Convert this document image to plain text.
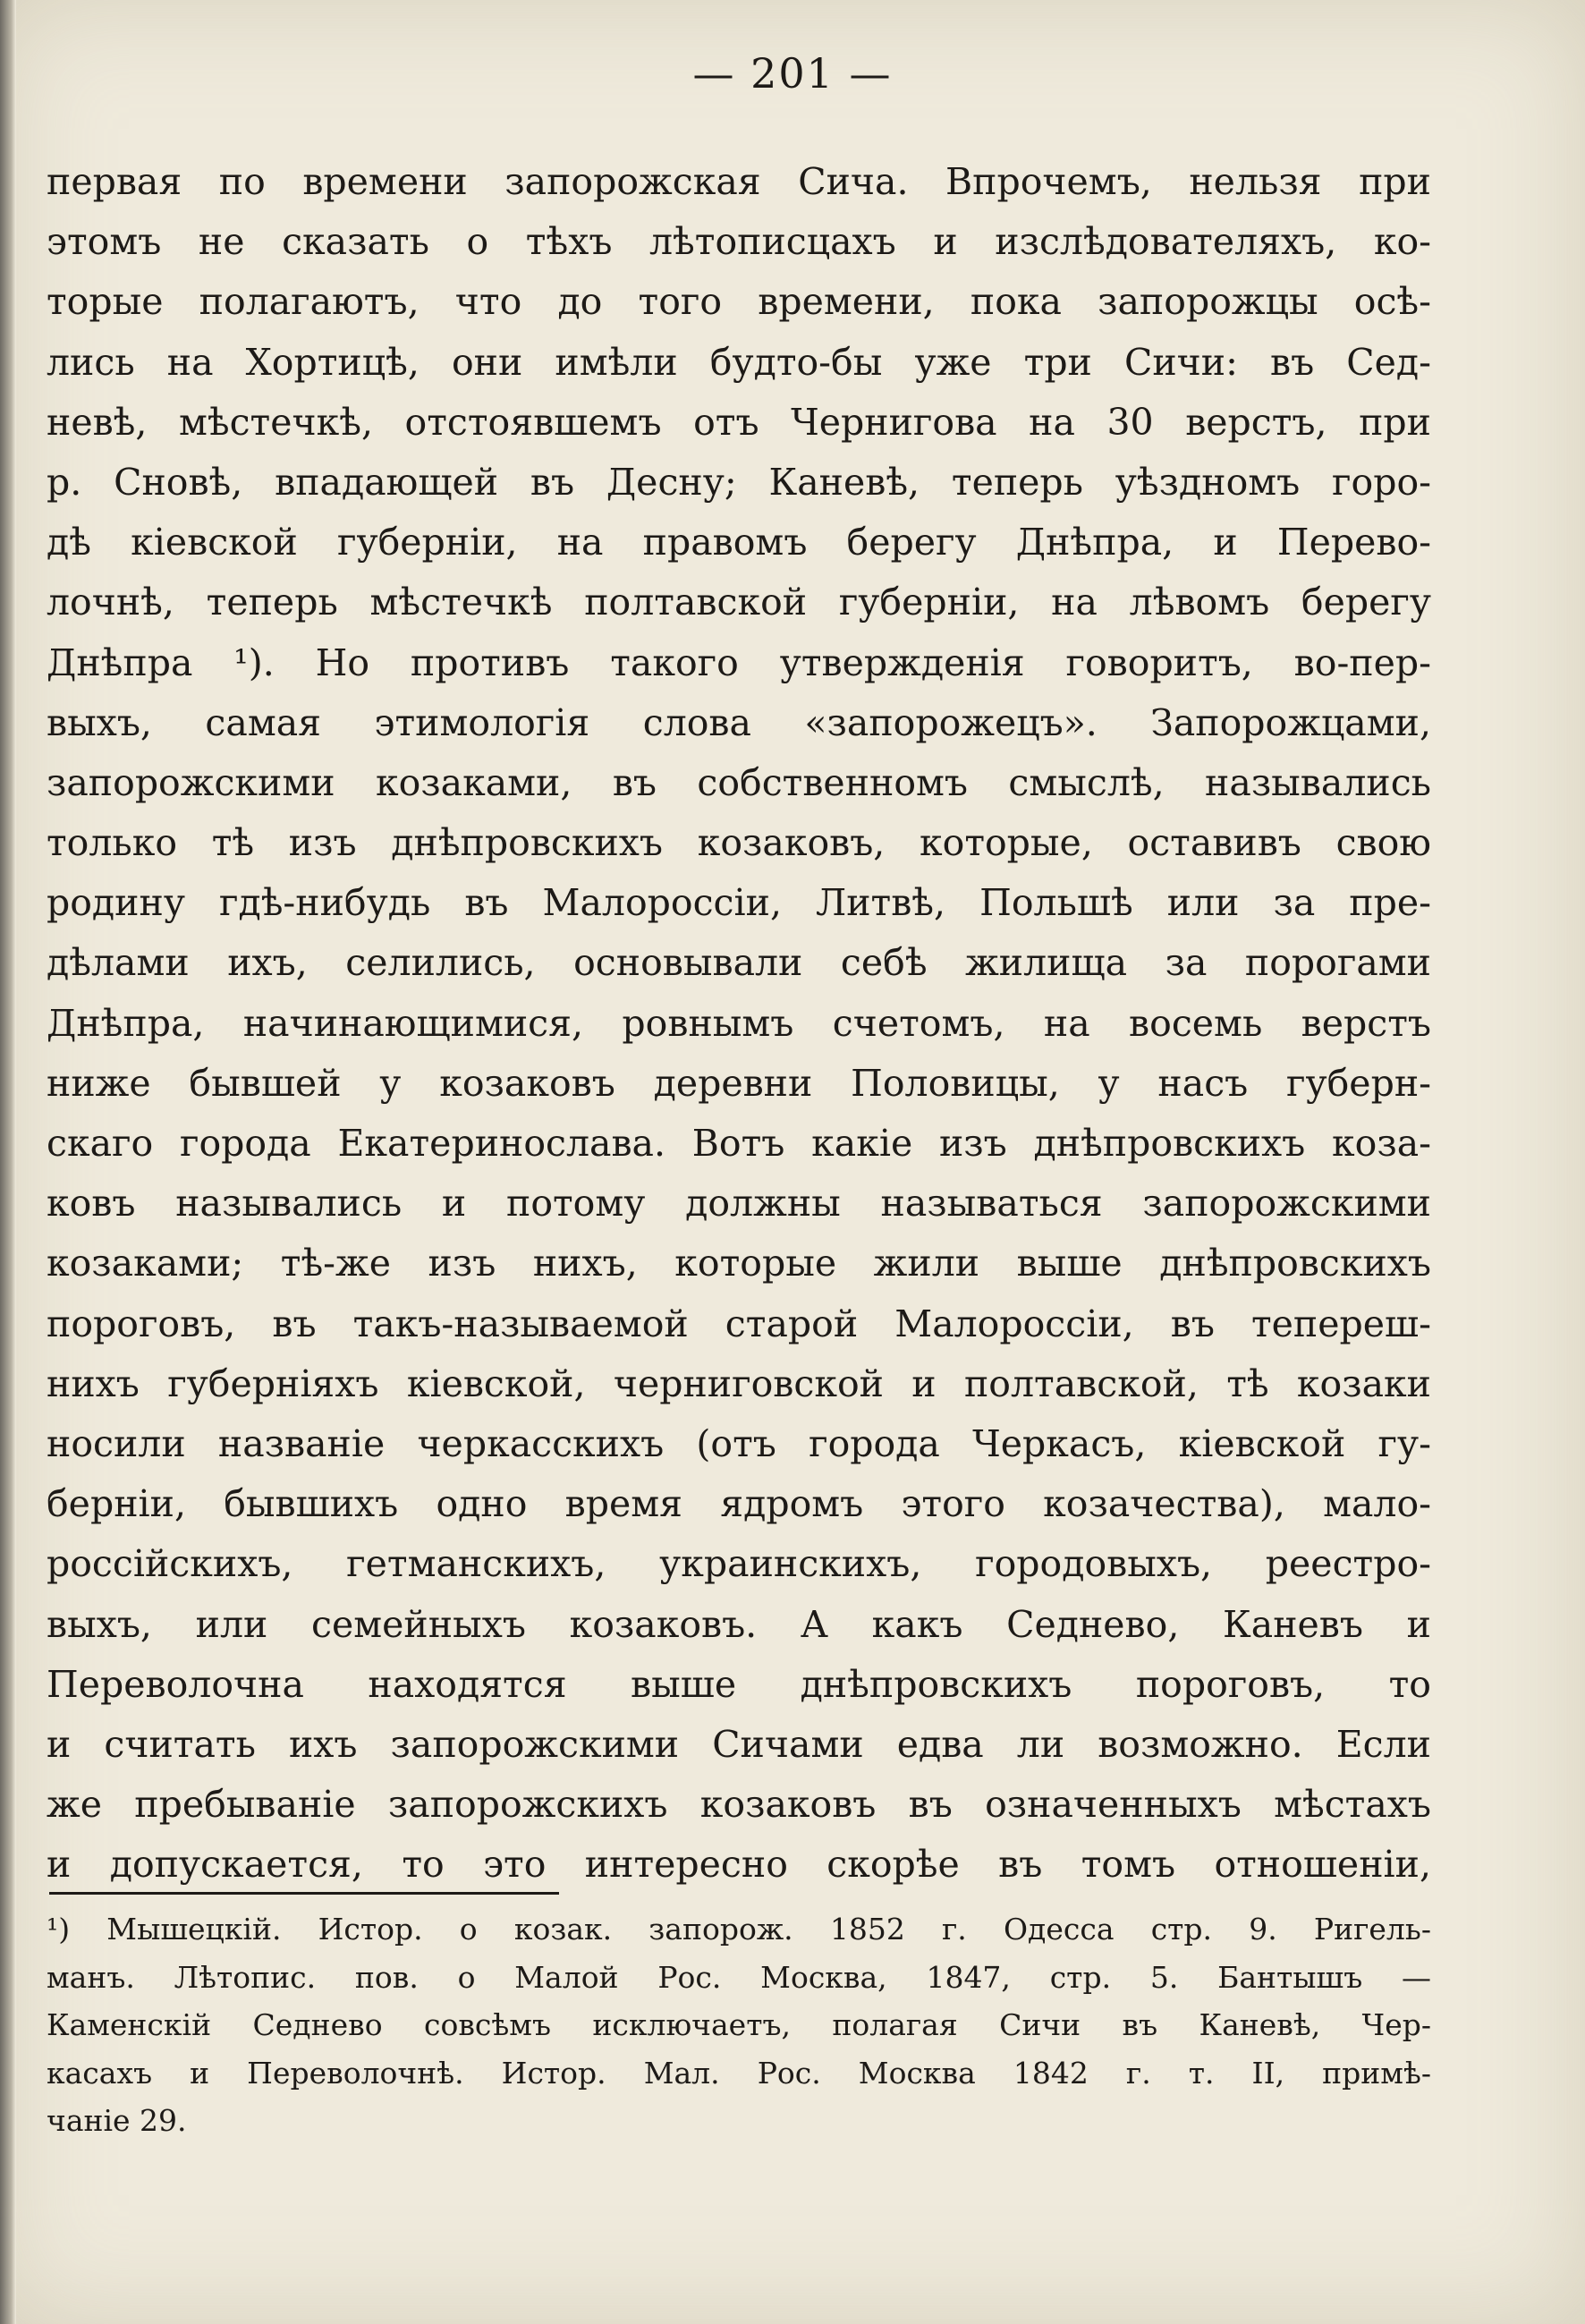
— 201 —
первая по времени запорожская Сича. Впрочемъ, нельзя при
этомъ не сказать о тѣхъ лѣтописцахъ и изслѣдователяхъ, ко-
торые полагаютъ, что до того времени, пока запорожцы осѣ-
лись на Хортицѣ, они имѣли будто-бы уже три Сичи: въ Сед-
невѣ, мѣстечкѣ, отстоявшемъ отъ Чернигова на 30 верстъ, при
р. Сновѣ, впадающей въ Десну; Каневѣ, теперь уѣздномъ горо-
дѣ кіевской губерніи, на правомъ берегу Днѣпра, и Перево-
лочнѣ, теперь мѣстечкѣ полтавской губерніи, на лѣвомъ берегу
Днѣпра ¹). Но противъ такого утвержденія говоритъ, во-пер-
выхъ, самая этимологія слова «запорожецъ». Запорожцами,
запорожскими козаками, въ собственномъ смыслѣ, назывались
только тѣ изъ днѣпровскихъ козаковъ, которые, оставивъ свою
родину гдѣ-нибудь въ Малороссіи, Литвѣ, Польшѣ или за пре-
дѣлами ихъ, селились, основывали себѣ жилища за порогами
Днѣпра, начинающимися, ровнымъ счетомъ, на восемь верстъ
ниже бывшей у козаковъ деревни Половицы, у насъ губерн-
скаго города Екатеринослава. Вотъ какіе изъ днѣпровскихъ коза-
ковъ назывались и потому должны называться запорожскими
козаками; тѣ-же изъ нихъ, которые жили выше днѣпровскихъ
пороговъ, въ такъ-называемой старой Малороссіи, въ тепереш-
нихъ губерніяхъ кіевской, черниговской и полтавской, тѣ козаки
носили названіе черкасскихъ (отъ города Черкасъ, кіевской гу-
берніи, бывшихъ одно время ядромъ этого козачества), мало-
россійскихъ, гетманскихъ, украинскихъ, городовыхъ, реестро-
выхъ, или семейныхъ козаковъ. А какъ Седнево, Каневъ и
Переволочна находятся выше днѣпровскихъ пороговъ, то
и считать ихъ запорожскими Сичами едва ли возможно. Если
же пребываніе запорожскихъ козаковъ въ означенныхъ мѣстахъ
и допускается, то это интересно скорѣе въ томъ отношеніи,
¹) Мышецкій. Истор. о козак. запорож. 1852 г. Одесса стр. 9. Ригель-
манъ. Лѣтопис. пов. о Малой Рос. Москва, 1847, стр. 5. Бантышъ —
Каменскій Седнево совсѣмъ исключаетъ, полагая Сичи въ Каневѣ, Чер-
касахъ и Переволочнѣ. Истор. Мал. Рос. Москва 1842 г. т. II, примѣ-
чаніе 29.
